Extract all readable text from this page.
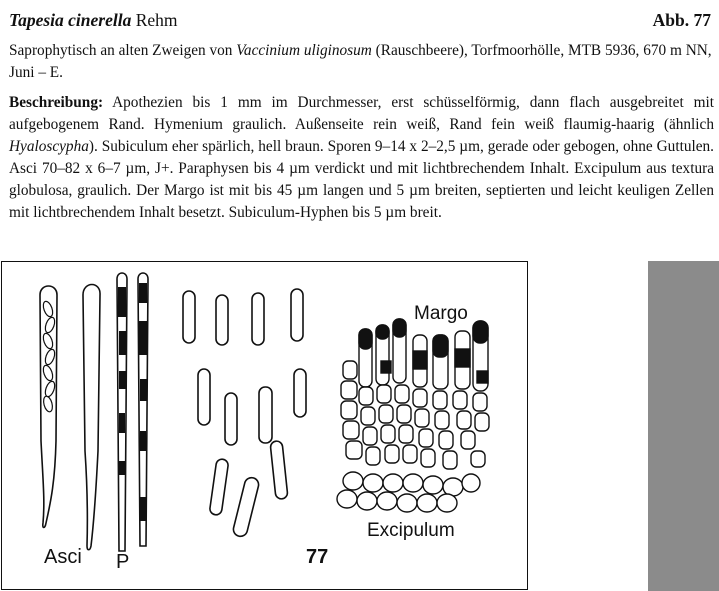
Tapesia cinerella Rehm	Abb. 77

Saprophytisch an alten Zweigen von Vaccinium uliginosum (Rauschbeere), Torfmoorhölle, MTB 5936, 670 m NN, Juni – E.

Beschreibung: Apothezien bis 1 mm im Durchmesser, erst schüsselförmig, dann flach ausgebreitet mit aufgebogenem Rand. Hymenium graulich. Außenseite rein weiß, Rand fein weiß flaumig-haarig (ähnlich Hyaloscypha). Subiculum eher spärlich, hell braun. Sporen 9–14 x 2–2,5 µm, gerade oder gebogen, ohne Guttulen. Asci 70–82 x 6–7 µm, J+. Paraphysen bis 4 µm verdickt und mit lichtbrechendem Inhalt. Excipulum aus textura globulosa, graulich. Der Margo ist mit bis 45 µm langen und 5 µm breiten, septierten und leicht keuligen Zellen mit lichtbrechendem Inhalt besetzt. Subiculum-Hyphen bis 5 µm breit.

Asci P	77
Margo
Excipulum
